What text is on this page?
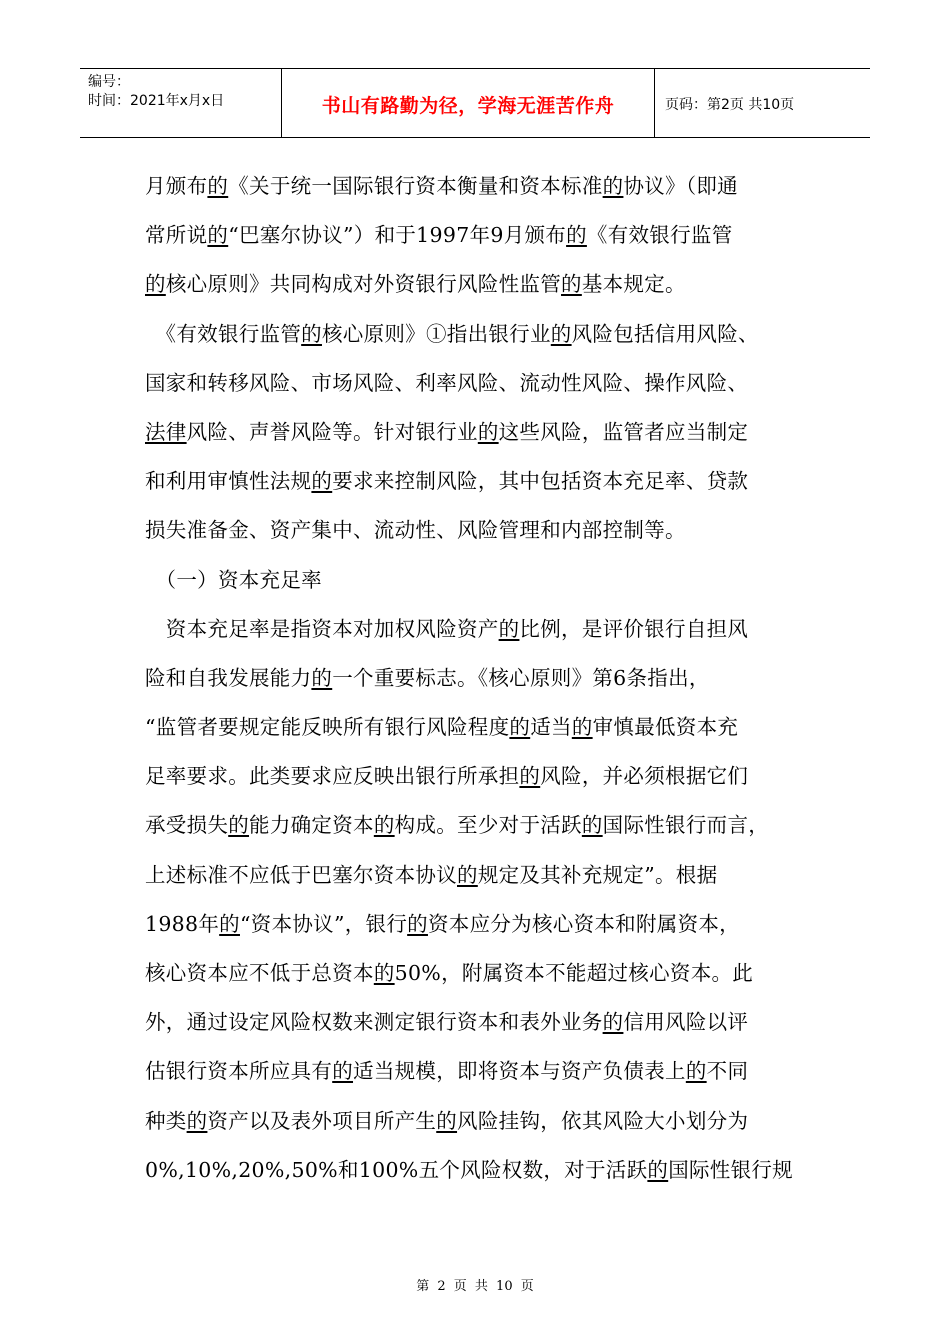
编号：
时间：2021年x月x日	书山有路勤为径，学海无涯苦作舟	页码：第2页 共10页
月颁布的《关于统一国际银行资本衡量和资本标准的协议》（即通
常所说的“巴塞尔协议”）和于1997年9月颁布的《有效银行监管
的核心原则》共同构成对外资银行风险性监管的基本规定。
　《有效银行监管的核心原则》①指出银行业的风险包括信用风险、
国家和转移风险、市场风险、利率风险、流动性风险、操作风险、
法律风险、声誉风险等。针对银行业的这些风险，监管者应当制定
和利用审慎性法规的要求来控制风险，其中包括资本充足率、贷款
损失准备金、资产集中、流动性、风险管理和内部控制等。
　（一）资本充足率
　资本充足率是指资本对加权风险资产的比例，是评价银行自担风
险和自我发展能力的一个重要标志。《核心原则》第6条指出，
“监管者要规定能反映所有银行风险程度的适当的审慎最低资本充
足率要求。此类要求应反映出银行所承担的风险，并必须根据它们
承受损失的能力确定资本的构成。至少对于活跃的国际性银行而言，
上述标准不应低于巴塞尔资本协议的规定及其补充规定”。根据
1988年的“资本协议”，银行的资本应分为核心资本和附属资本，
核心资本应不低于总资本的50%，附属资本不能超过核心资本。此
外，通过设定风险权数来测定银行资本和表外业务的信用风险以评
估银行资本所应具有的适当规模，即将资本与资产负债表上的不同
种类的资产以及表外项目所产生的风险挂钩，依其风险大小划分为
0%,10%,20%,50%和100%五个风险权数，对于活跃的国际性银行规
第 2 页 共 10 页
